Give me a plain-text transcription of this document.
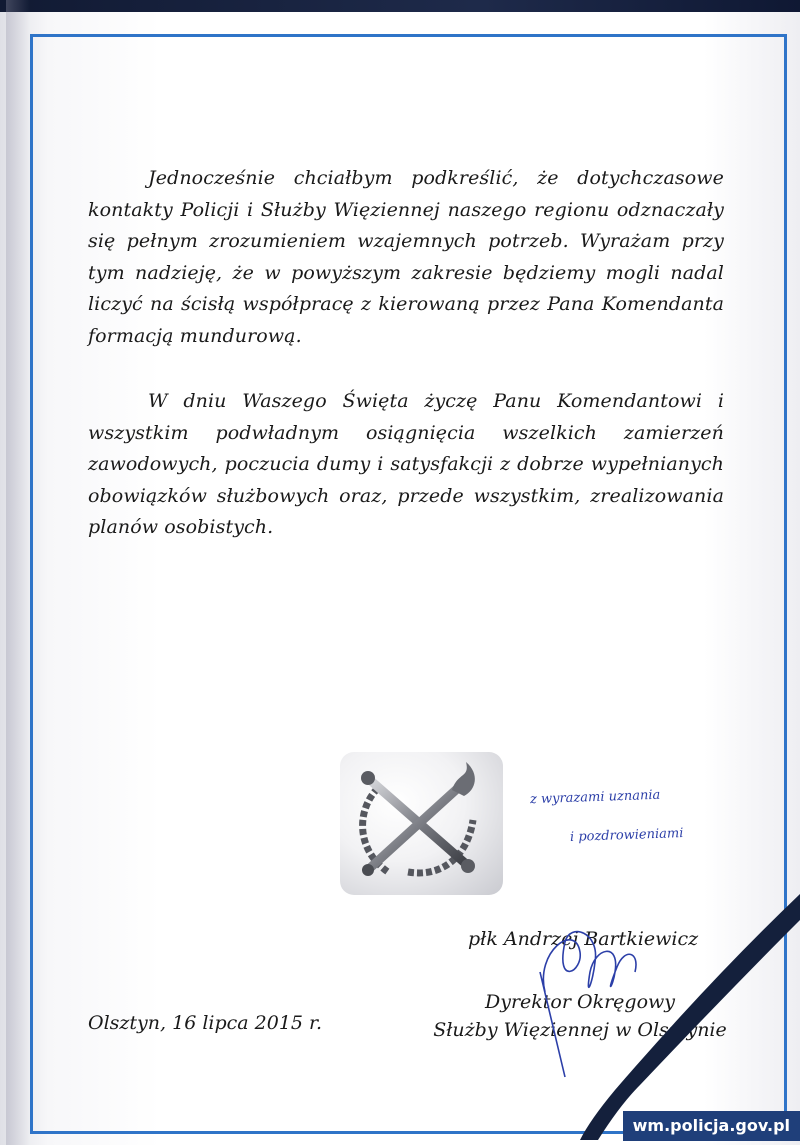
Jednocześnie chciałbym podkreślić, że dotychczasowe kontakty Policji i Służby Więziennej naszego regionu odznaczały się pełnym zrozumieniem wzajemnych potrzeb. Wyrażam przy tym nadzieję, że w powyższym zakresie będziemy mogli nadal liczyć na ścisłą współpracę z kierowaną przez Pana Komendanta formacją mundurową.

W dniu Waszego Święta życzę Panu Komendantowi i wszystkim podwładnym osiągnięcia wszelkich zamierzeń zawodowych, poczucia dumy i satysfakcji z dobrze wypełnianych obowiązków służbowych oraz, przede wszystkim, zrealizowania planów osobistych.

z wyrazami uznania

i pozdrowieniami

płk Andrzej Bartkiewicz

Dyrektor Okręgowy
Służby Więziennej w Olsztynie

Olsztyn, 16 lipca 2015 r.

wm.policja.gov.pl
